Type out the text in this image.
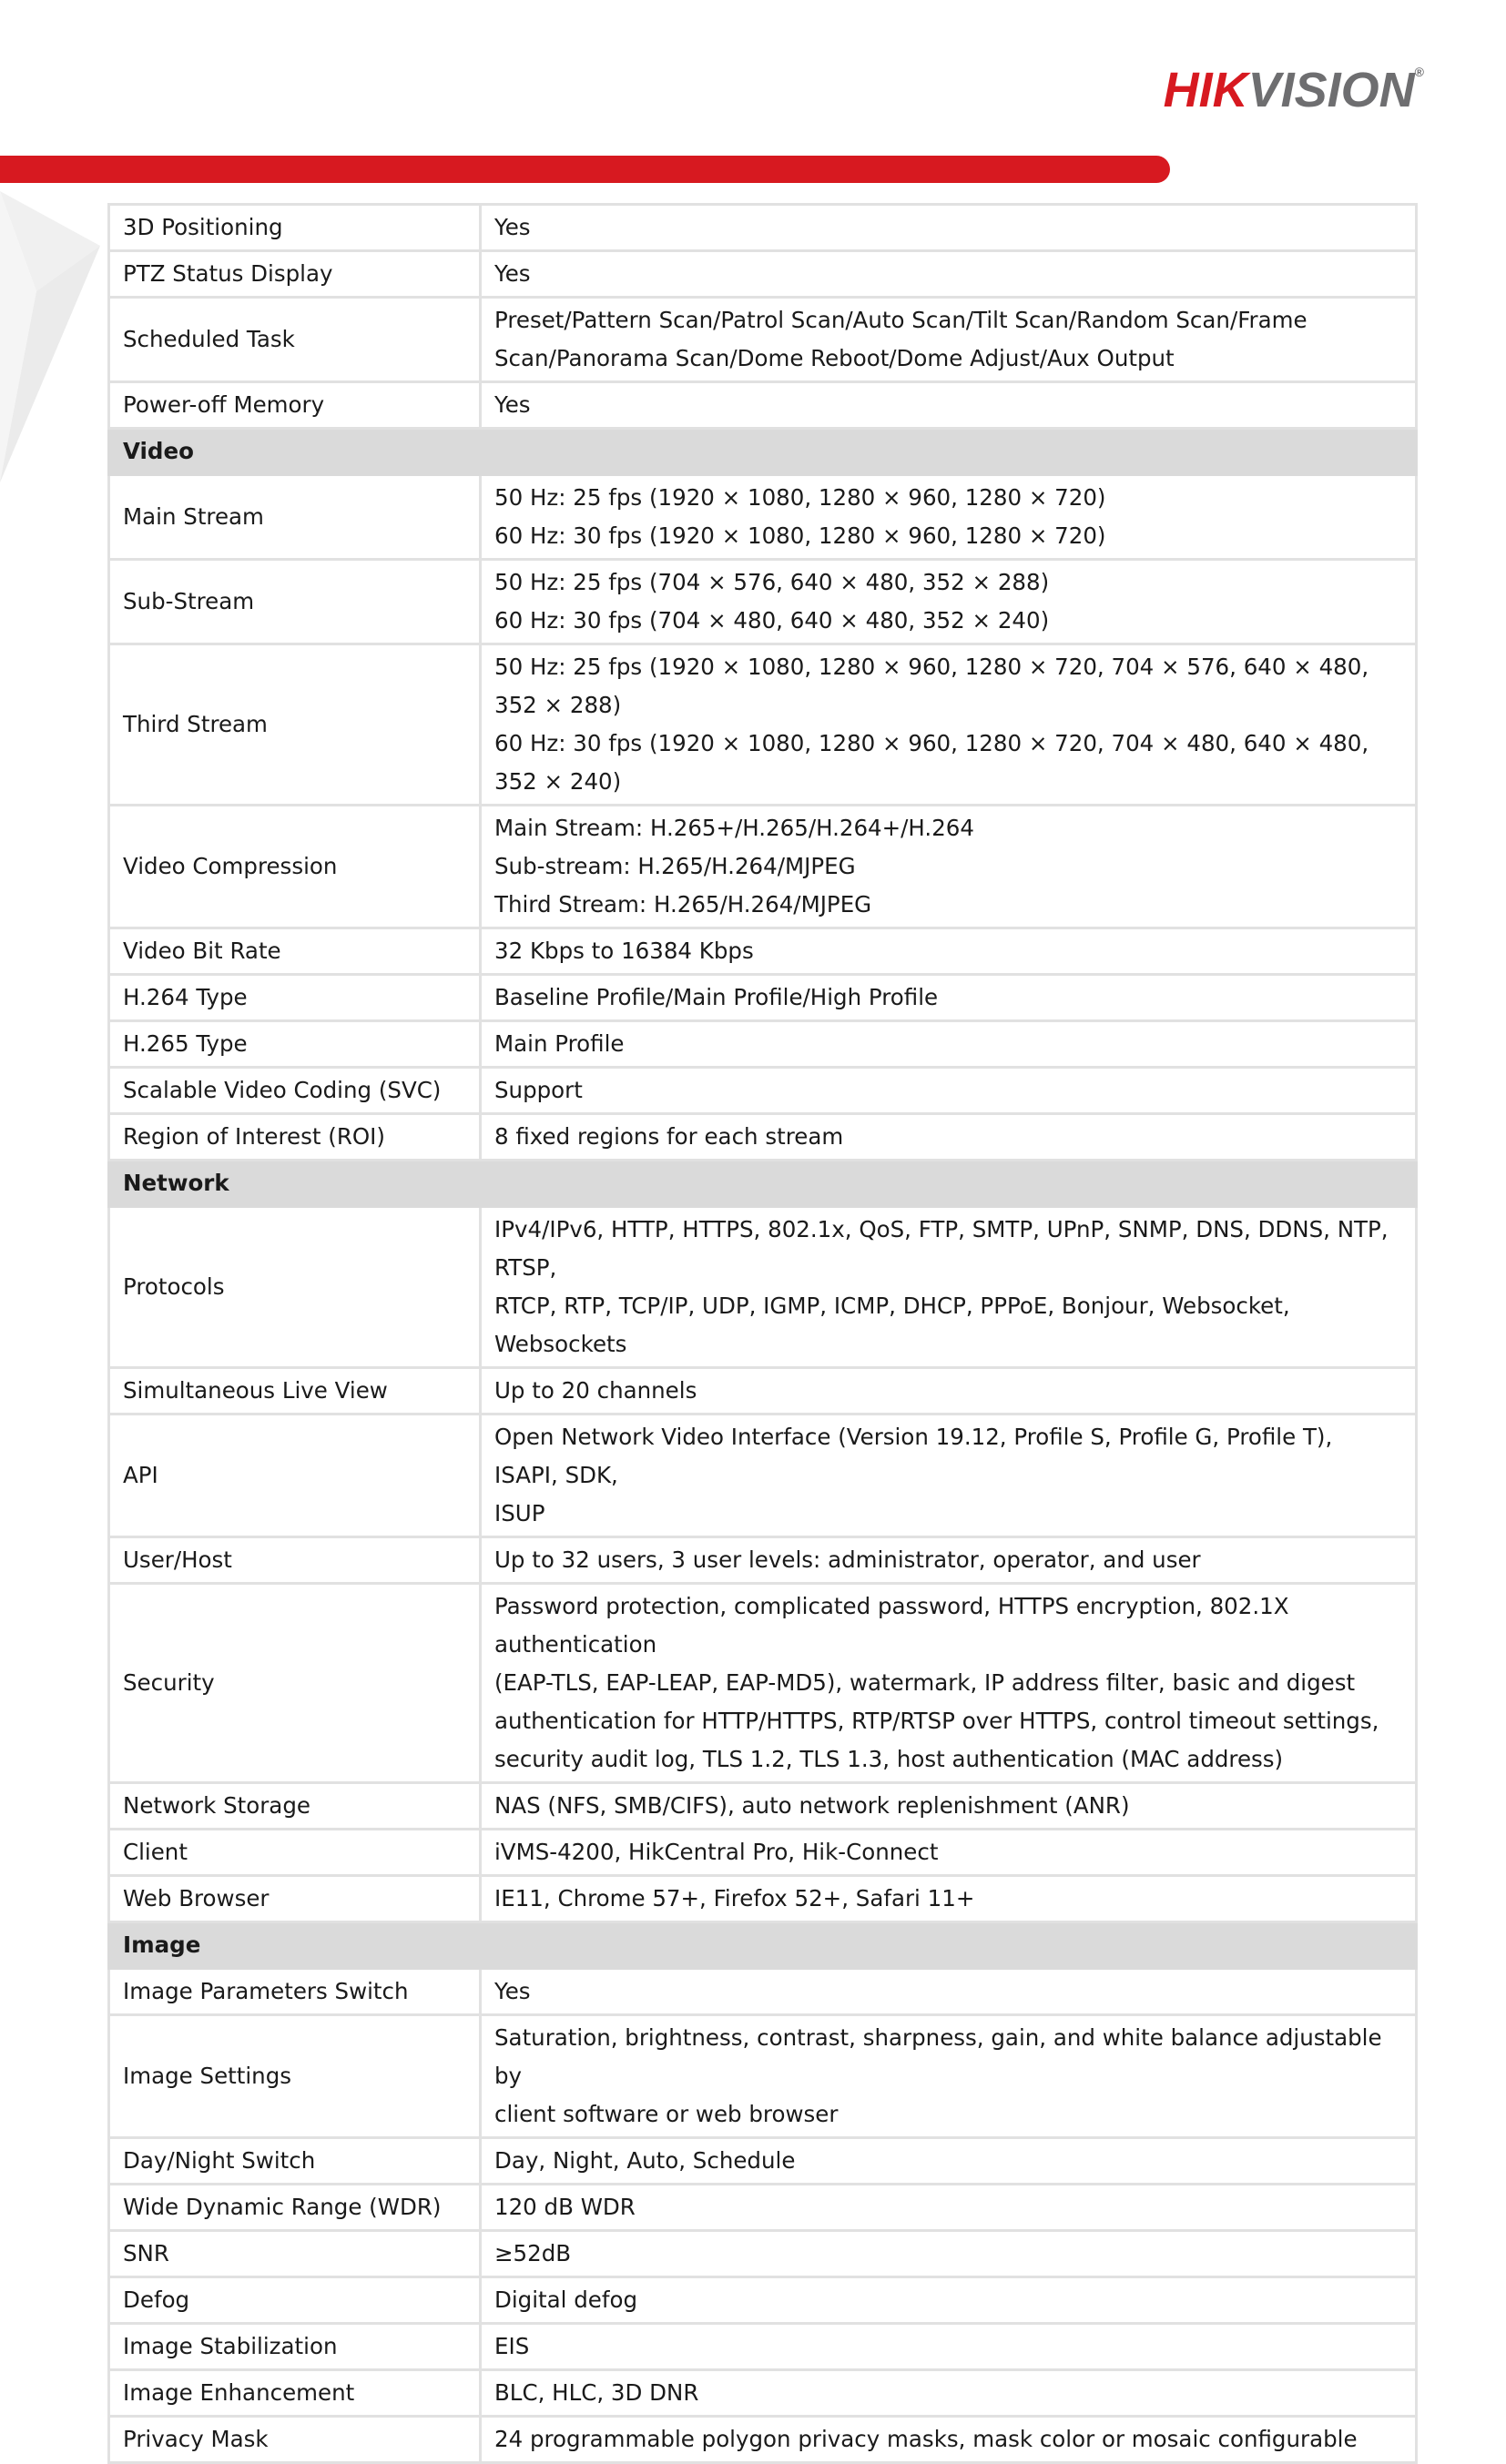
HIKVISION®
3D Positioning	Yes
PTZ Status Display	Yes
Scheduled Task	Preset/Pattern Scan/Patrol Scan/Auto Scan/Tilt Scan/Random Scan/Frame
Scan/Panorama Scan/Dome Reboot/Dome Adjust/Aux Output
Power-off Memory	Yes
Video	
Main Stream	50 Hz: 25 fps (1920 × 1080, 1280 × 960, 1280 × 720)
60 Hz: 30 fps (1920 × 1080, 1280 × 960, 1280 × 720)
Sub-Stream	50 Hz: 25 fps (704 × 576, 640 × 480, 352 × 288)
60 Hz: 30 fps (704 × 480, 640 × 480, 352 × 240)
Third Stream	50 Hz: 25 fps (1920 × 1080, 1280 × 960, 1280 × 720, 704 × 576, 640 × 480, 352 × 288)
60 Hz: 30 fps (1920 × 1080, 1280 × 960, 1280 × 720, 704 × 480, 640 × 480, 352 × 240)
Video Compression	Main Stream: H.265+/H.265/H.264+/H.264
Sub-stream: H.265/H.264/MJPEG
Third Stream: H.265/H.264/MJPEG
Video Bit Rate	32 Kbps to 16384 Kbps
H.264 Type	Baseline Profile/Main Profile/High Profile
H.265 Type	Main Profile
Scalable Video Coding (SVC)	Support
Region of Interest (ROI)	8 fixed regions for each stream
Network	
Protocols	IPv4/IPv6, HTTP, HTTPS, 802.1x, QoS, FTP, SMTP, UPnP, SNMP, DNS, DDNS, NTP, RTSP,
RTCP, RTP, TCP/IP, UDP, IGMP, ICMP, DHCP, PPPoE, Bonjour, Websocket, Websockets
Simultaneous Live View	Up to 20 channels
API	Open Network Video Interface (Version 19.12, Profile S, Profile G, Profile T), ISAPI, SDK,
ISUP
User/Host	Up to 32 users, 3 user levels: administrator, operator, and user
Security	Password protection, complicated password, HTTPS encryption, 802.1X authentication
(EAP-TLS, EAP-LEAP, EAP-MD5), watermark, IP address filter, basic and digest
authentication for HTTP/HTTPS, RTP/RTSP over HTTPS, control timeout settings,
security audit log, TLS 1.2, TLS 1.3, host authentication (MAC address)
Network Storage	NAS (NFS, SMB/CIFS), auto network replenishment (ANR)
Client	iVMS-4200, HikCentral Pro, Hik-Connect
Web Browser	IE11, Chrome 57+, Firefox 52+, Safari 11+
Image	
Image Parameters Switch	Yes
Image Settings	Saturation, brightness, contrast, sharpness, gain, and white balance adjustable by
client software or web browser
Day/Night Switch	Day, Night, Auto, Schedule
Wide Dynamic Range (WDR)	120 dB WDR
SNR	≥52dB
Defog	Digital defog
Image Stabilization	EIS
Image Enhancement	BLC, HLC, 3D DNR
Privacy Mask	24 programmable polygon privacy masks, mask color or mosaic configurable
